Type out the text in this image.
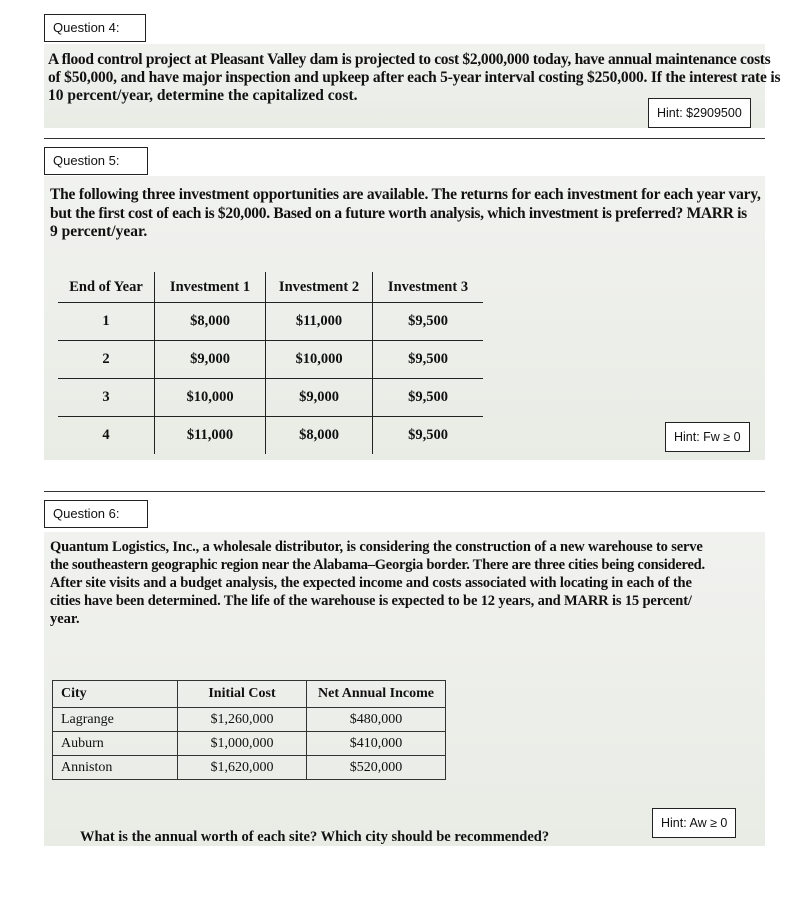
Question 4:
A flood control project at Pleasant Valley dam is projected to cost $2,000,000 today, have annual maintenance costs
of $50,000, and have major inspection and upkeep after each 5-year interval costing $250,000. If the interest rate is
10 percent/year, determine the capitalized cost.
Hint: $2909500
Question 5:
The following three investment opportunities are available. The returns for each investment for each year vary,
but the first cost of each is $20,000. Based on a future worth analysis, which investment is preferred? MARR is
9 percent/year.
End of Year	Investment 1	Investment 2	Investment 3
1	$8,000	$11,000	$9,500
2	$9,000	$10,000	$9,500
3	$10,000	$9,000	$9,500
4	$11,000	$8,000	$9,500	Hint: Fw ≥ 0
Question 6:
Quantum Logistics, Inc., a wholesale distributor, is considering the construction of a new warehouse to serve
the southeastern geographic region near the Alabama–Georgia border. There are three cities being considered.
After site visits and a budget analysis, the expected income and costs associated with locating in each of the
cities have been determined. The life of the warehouse is expected to be 12 years, and MARR is 15 percent/
year.
City	Initial Cost	Net Annual Income
Lagrange	$1,260,000	$480,000
Auburn	$1,000,000	$410,000
Anniston	$1,620,000	$520,000
What is the annual worth of each site? Which city should be recommended?
Hint: Aw ≥ 0
